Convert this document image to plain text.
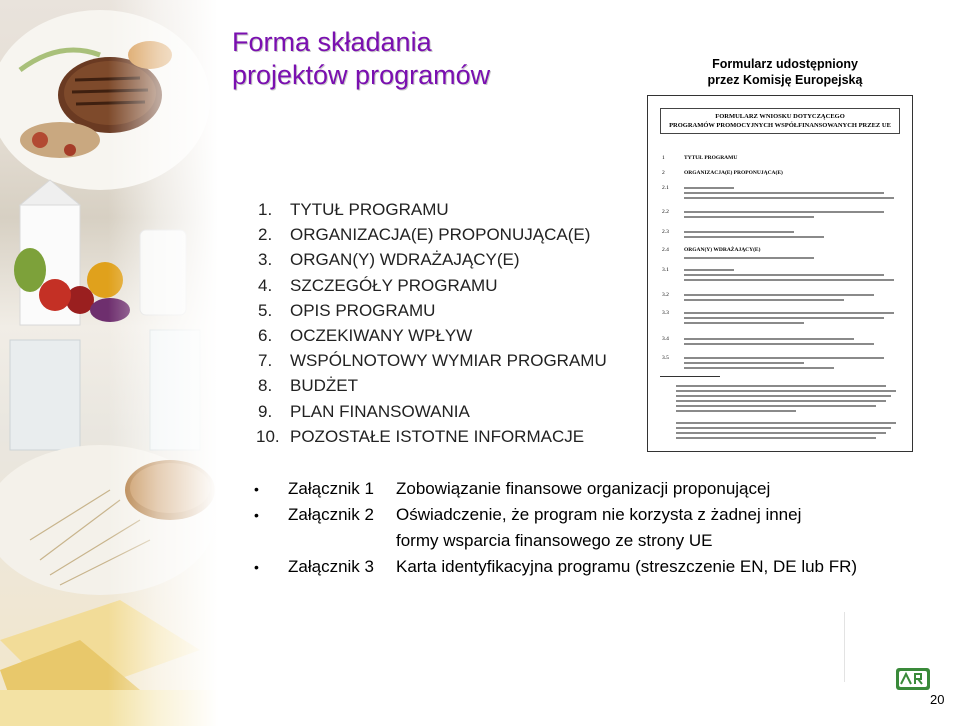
Forma składania
projektów programów	Formularz udostępniony
przez Komisję Europejską
1. TYTUŁ PROGRAMU
2. ORGANIZACJA(E) PROPONUJĄCA(E)
3. ORGAN(Y) WDRAŻAJĄCY(E)
4. SZCZEGÓŁY PROGRAMU
5. OPIS PROGRAMU
6. OCZEKIWANY WPŁYW
7. WSPÓLNOTOWY WYMIAR PROGRAMU
8. BUDŻET
9. PLAN FINANSOWANIA
10. POZOSTAŁE ISTOTNE INFORMACJE
FORMULARZ WNIOSKU DOTYCZĄCEGO
PROGRAMÓW PROMOCYJNYCH WSPÓŁFINANSOWANYCH PRZEZ UE
1	TYTUŁ PROGRAMU
2	ORGANIZACJA(E) PROPONUJĄCA(E)
2.1
2.2
2.3
2.4	ORGAN(Y) WDRAŻAJĄCY(E)
3.1
3.2
3.3
3.4
3.5
• Załącznik 1 Zobowiązanie finansowe organizacji proponującej
• Załącznik 2 Oświadczenie, że program nie korzysta z żadnej innej
formy wsparcia finansowego ze strony UE
• Załącznik 3 Karta identyfikacyjna programu (streszczenie EN, DE lub FR)
20
